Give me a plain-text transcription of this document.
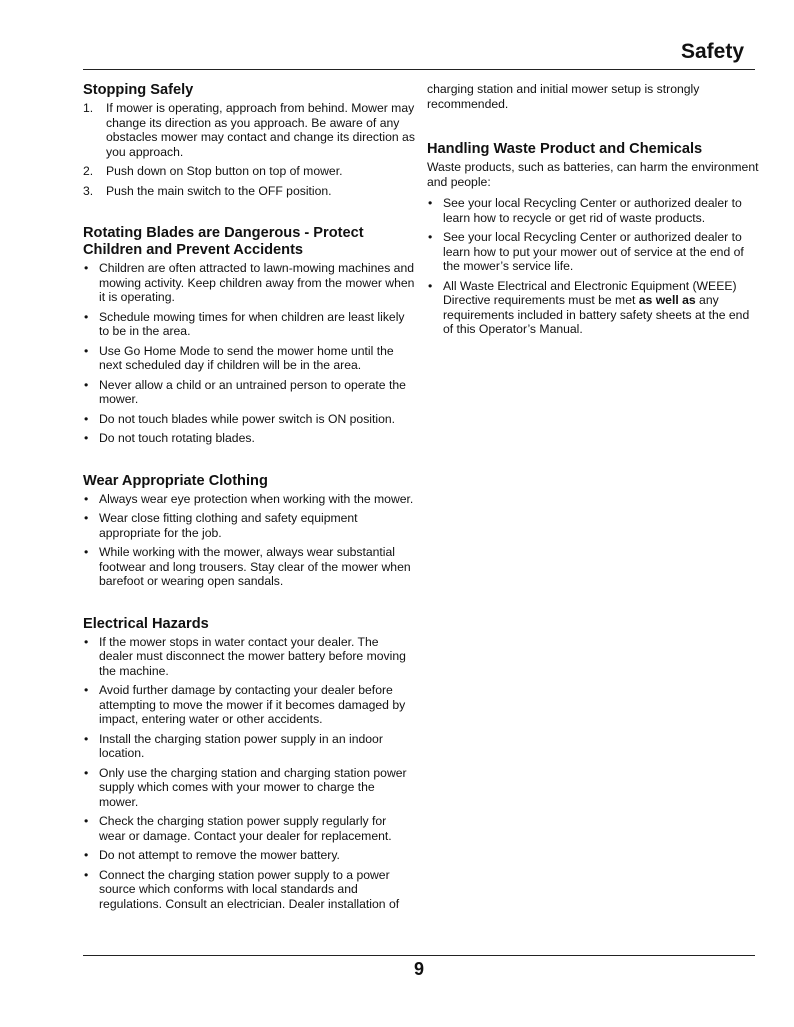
Safety
Stopping Safely
1. If mower is operating, approach from behind. Mower may change its direction as you approach. Be aware of any obstacles mower may contact and change its direction as you approach.
2. Push down on Stop button on top of mower.
3. Push the main switch to the OFF position.
Rotating Blades are Dangerous - Protect Children and Prevent Accidents
• Children are often attracted to lawn-mowing machines and mowing activity. Keep children away from the mower when it is operating.
• Schedule mowing times for when children are least likely to be in the area.
• Use Go Home Mode to send the mower home until the next scheduled day if children will be in the area.
• Never allow a child or an untrained person to operate the mower.
• Do not touch blades while power switch is ON position.
• Do not touch rotating blades.
Wear Appropriate Clothing
• Always wear eye protection when working with the mower.
• Wear close fitting clothing and safety equipment appropriate for the job.
• While working with the mower, always wear substantial footwear and long trousers. Stay clear of the mower when barefoot or wearing open sandals.
Electrical Hazards
• If the mower stops in water contact your dealer. The dealer must disconnect the mower battery before moving the machine.
• Avoid further damage by contacting your dealer before attempting to move the mower if it becomes damaged by impact, entering water or other accidents.
• Install the charging station power supply in an indoor location.
• Only use the charging station and charging station power supply which comes with your mower to charge the mower.
• Check the charging station power supply regularly for wear or damage. Contact your dealer for replacement.
• Do not attempt to remove the mower battery.
• Connect the charging station power supply to a power source which conforms with local standards and regulations. Consult an electrician. Dealer installation of

charging station and initial mower setup is strongly recommended.

Handling Waste Product and Chemicals

Waste products, such as batteries, can harm the environment and people:

• See your local Recycling Center or authorized dealer to learn how to recycle or get rid of waste products.
• See your local Recycling Center or authorized dealer to learn how to put your mower out of service at the end of the mower’s service life.
• All Waste Electrical and Electronic Equipment (WEEE) Directive requirements must be met as well as any requirements included in battery safety sheets at the end of this Operator’s Manual.
9
